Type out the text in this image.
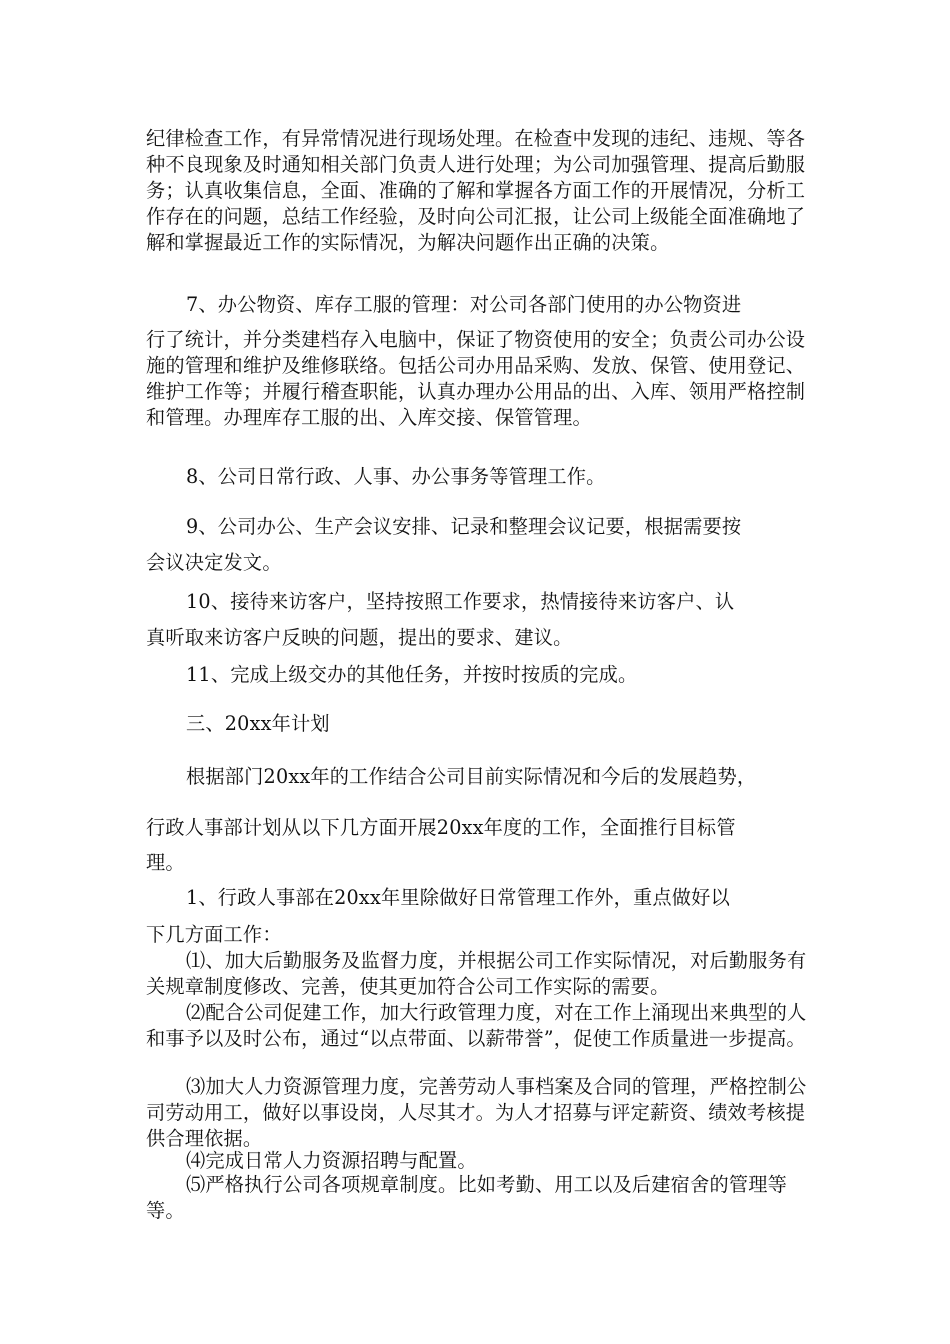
纪律检查工作，有异常情况进行现场处理。在检查中发现的违纪、违规、等各种不良现象及时通知相关部门负责人进行处理；为公司加强管理、提高后勤服务；认真收集信息，全面、准确的了解和掌握各方面工作的开展情况，分析工作存在的问题，总结工作经验，及时向公司汇报，让公司上级能全面准确地了解和掌握最近工作的实际情况，为解决问题作出正确的决策。

7、办公物资、库存工服的管理：对公司各部门使用的办公物资进

行了统计，并分类建档存入电脑中，保证了物资使用的安全；负责公司办公设施的管理和维护及维修联络。包括公司办用品采购、发放、保管、使用登记、维护工作等；并履行稽查职能，认真办理办公用品的出、入库、领用严格控制和管理。办理库存工服的出、入库交接、保管管理。

8、公司日常行政、人事、办公事务等管理工作。

9、公司办公、生产会议安排、记录和整理会议记要，根据需要按

会议决定发文。

10、接待来访客户，坚持按照工作要求，热情接待来访客户、认

真听取来访客户反映的问题，提出的要求、建议。

11、完成上级交办的其他任务，并按时按质的完成。

三、20xx年计划

根据部门20xx年的工作结合公司目前实际情况和今后的发展趋势，

行政人事部计划从以下几方面开展20xx年度的工作，全面推行目标管

理。

1、行政人事部在20xx年里除做好日常管理工作外，重点做好以

下几方面工作：

⑴、加大后勤服务及监督力度，并根据公司工作实际情况，对后勤服务有关规章制度修改、完善，使其更加符合公司工作实际的需要。

⑵配合公司促建工作，加大行政管理力度，对在工作上涌现出来典型的人和事予以及时公布，通过“以点带面、以薪带誉”，促使工作质量进一步提高。

⑶加大人力资源管理力度，完善劳动人事档案及合同的管理，严格控制公司劳动用工，做好以事设岗，人尽其才。为人才招募与评定薪资、绩效考核提供合理依据。

⑷完成日常人力资源招聘与配置。

⑸严格执行公司各项规章制度。比如考勤、用工以及后建宿舍的管理等等。
